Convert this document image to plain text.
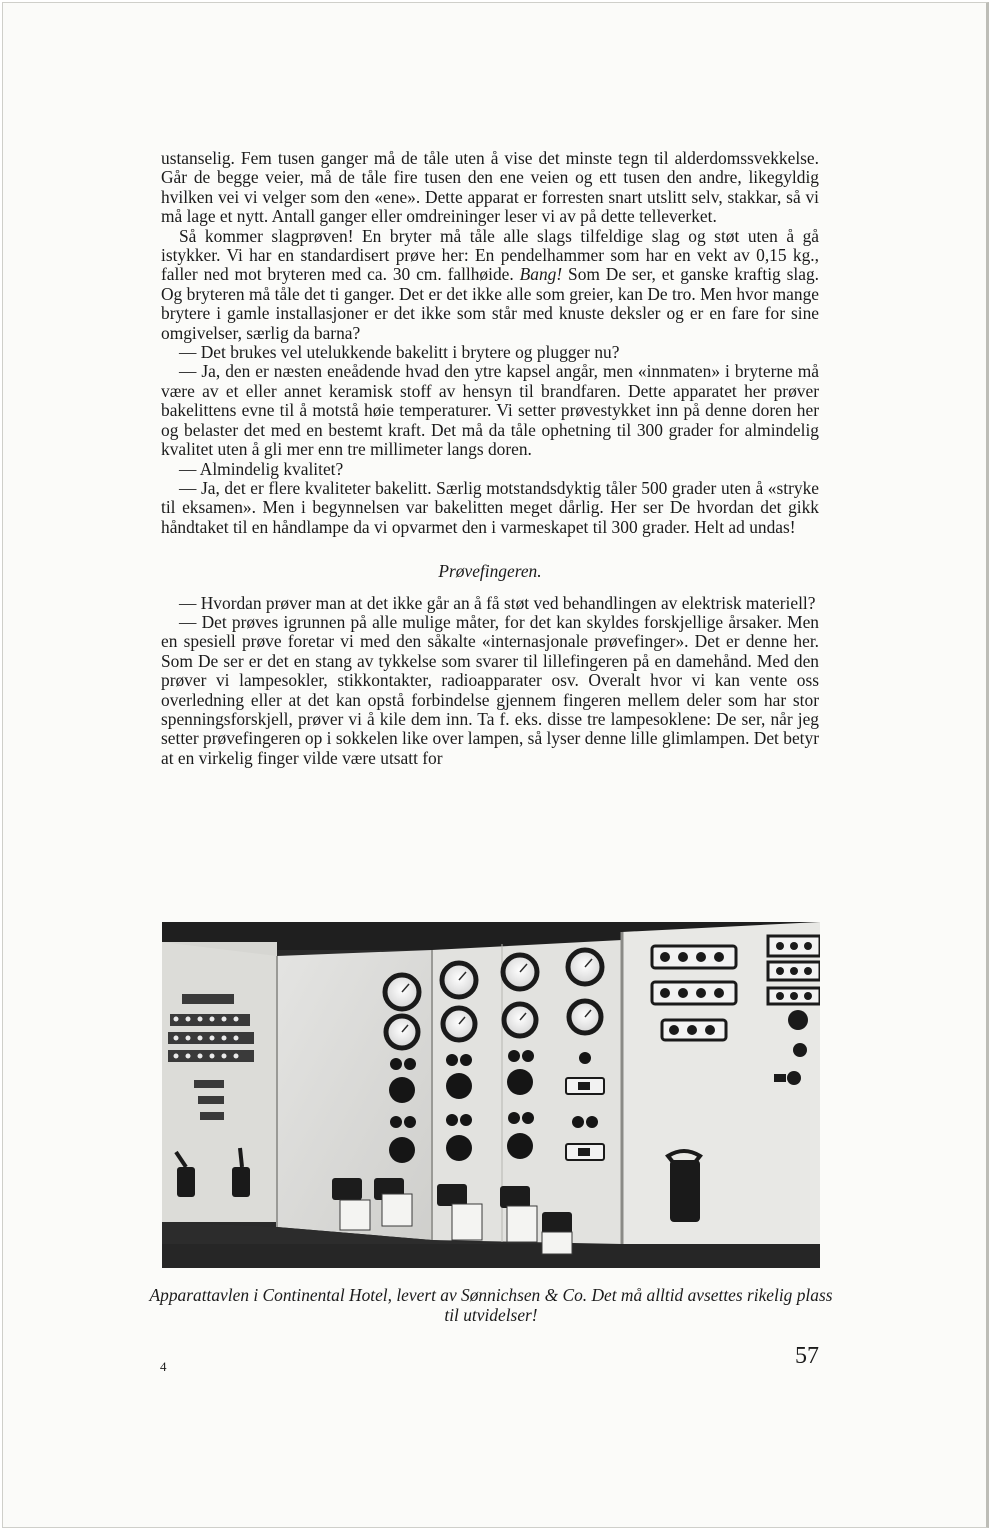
ustanselig. Fem tusen ganger må de tåle uten å vise det minste tegn til alderdomssvekkelse. Går de begge veier, må de tåle fire tusen den ene veien og ett tusen den andre, likegyldig hvilken vei vi velger som den «ene». Dette apparat er forresten snart utslitt selv, stakkar, så vi må lage et nytt. Antall ganger eller omdreininger leser vi av på dette telleverket.

Så kommer slagprøven! En bryter må tåle alle slags tilfeldige slag og støt uten å gå istykker. Vi har en standardisert prøve her: En pendelhammer som har en vekt av 0,15 kg., faller ned mot bryteren med ca. 30 cm. fallhøide. Bang! Som De ser, et ganske kraftig slag. Og bryteren må tåle det ti ganger. Det er det ikke alle som greier, kan De tro. Men hvor mange brytere i gamle installasjoner er det ikke som står med knuste deksler og er en fare for sine omgivelser, særlig da barna?

— Det brukes vel utelukkende bakelitt i brytere og plugger nu?

— Ja, den er næsten eneådende hvad den ytre kapsel angår, men «innmaten» i bryterne må være av et eller annet keramisk stoff av hensyn til brandfaren. Dette apparatet her prøver bakelittens evne til å motstå høie temperaturer. Vi setter prøvestykket inn på denne doren her og belaster det med en bestemt kraft. Det må da tåle ophetning til 300 grader for almindelig kvalitet uten å gli mer enn tre millimeter langs doren.

— Almindelig kvalitet?

— Ja, det er flere kvaliteter bakelitt. Særlig motstandsdyktig tåler 500 grader uten å «stryke til eksamen». Men i begynnelsen var bakelitten meget dårlig. Her ser De hvordan det gikk håndtaket til en håndlampe da vi opvarmet den i varmeskapet til 300 grader. Helt ad undas!

Prøvefingeren.

— Hvordan prøver man at det ikke går an å få støt ved behandlingen av elektrisk materiell?

— Det prøves igrunnen på alle mulige måter, for det kan skyldes forskjellige årsaker. Men en spesiell prøve foretar vi med den såkalte «internasjonale prøvefinger». Det er denne her. Som De ser er det en stang av tykkelse som svarer til lillefingeren på en damehånd. Med den prøver vi lampesokler, stikkontakter, radioapparater osv. Overalt hvor vi kan vente oss overledning eller at det kan opstå forbindelse gjennem fingeren mellem deler som har stor spenningsforskjell, prøver vi å kile dem inn. Ta f. eks. disse tre lampesoklene: De ser, når jeg setter prøvefingeren op i sokkelen like over lampen, så lyser denne lille glimlampen. Det betyr at en virkelig finger vilde være utsatt for

Apparattavlen i Continental Hotel, levert av Sønnichsen & Co. Det må alltid avsettes rikelig plass til utvidelser!
4	57
